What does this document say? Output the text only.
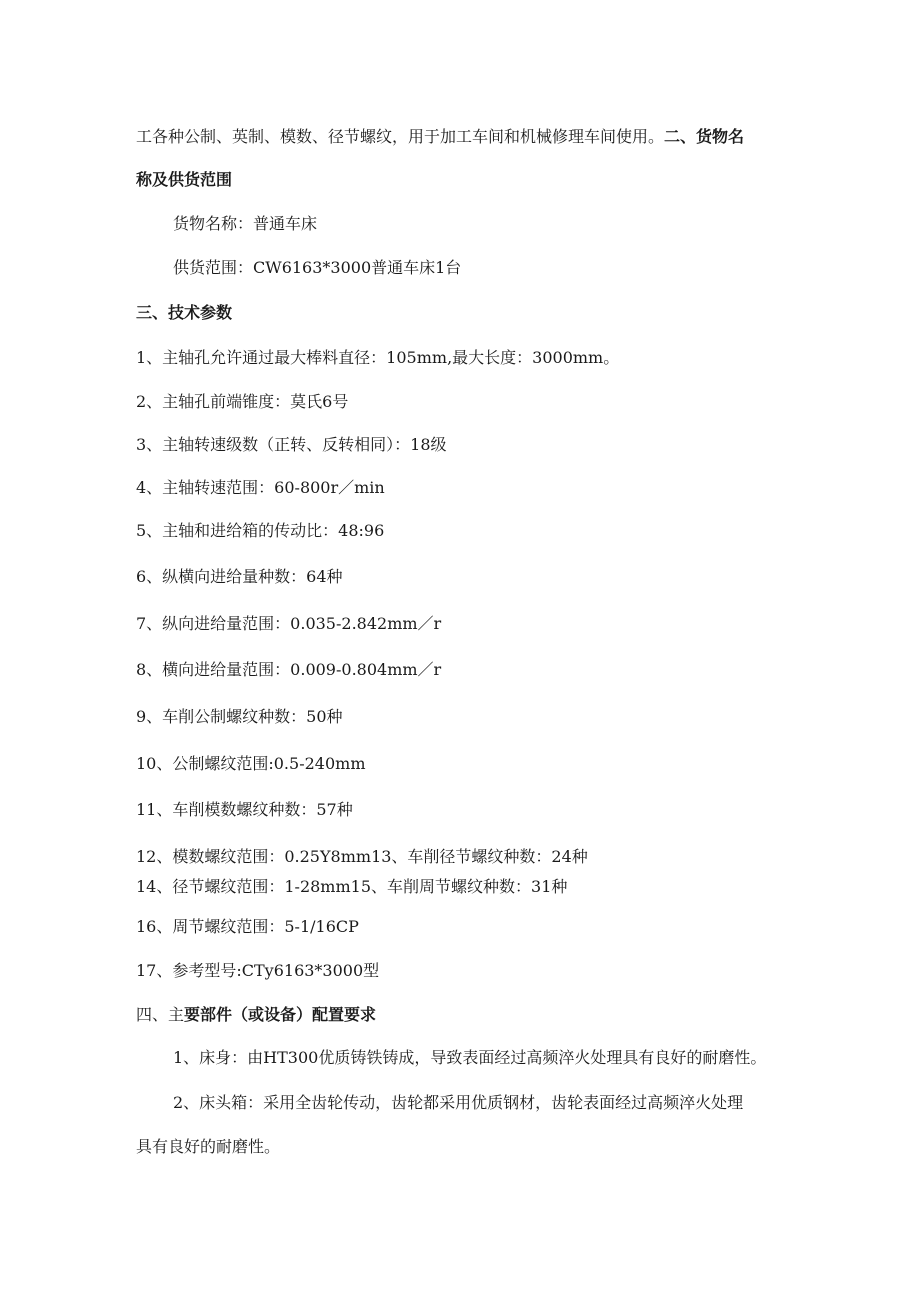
工各种公制、英制、模数、径节螺纹，用于加工车间和机械修理车间使用。二、货物名
称及供货范围
货物名称：普通车床
供货范围：CW6163*3000普通车床1台
三、技术参数
1、主轴孔允许通过最大棒料直径：105mm,最大长度：3000mm。
2、主轴孔前端锥度：莫氏6号
3、主轴转速级数（正转、反转相同）：18级
4、主轴转速范围：60-800r／min
5、主轴和进给箱的传动比：48:96
6、纵横向进给量种数：64种
7、纵向进给量范围：0.035-2.842mm／r
8、横向进给量范围：0.009-0.804mm／r
9、车削公制螺纹种数：50种
10、公制螺纹范围:0.5-240mm
11、车削模数螺纹种数：57种
12、模数螺纹范围：0.25Y8mm13、车削径节螺纹种数：24种
14、径节螺纹范围：1-28mm15、车削周节螺纹种数：31种
16、周节螺纹范围：5-1/16CP
17、参考型号:CTy6163*3000型
四、主要部件（或设备）配置要求
1、床身：由HT300优质铸铁铸成，导致表面经过高频淬火处理具有良好的耐磨性。
2、床头箱：采用全齿轮传动，齿轮都采用优质钢材，齿轮表面经过高频淬火处理
具有良好的耐磨性。
